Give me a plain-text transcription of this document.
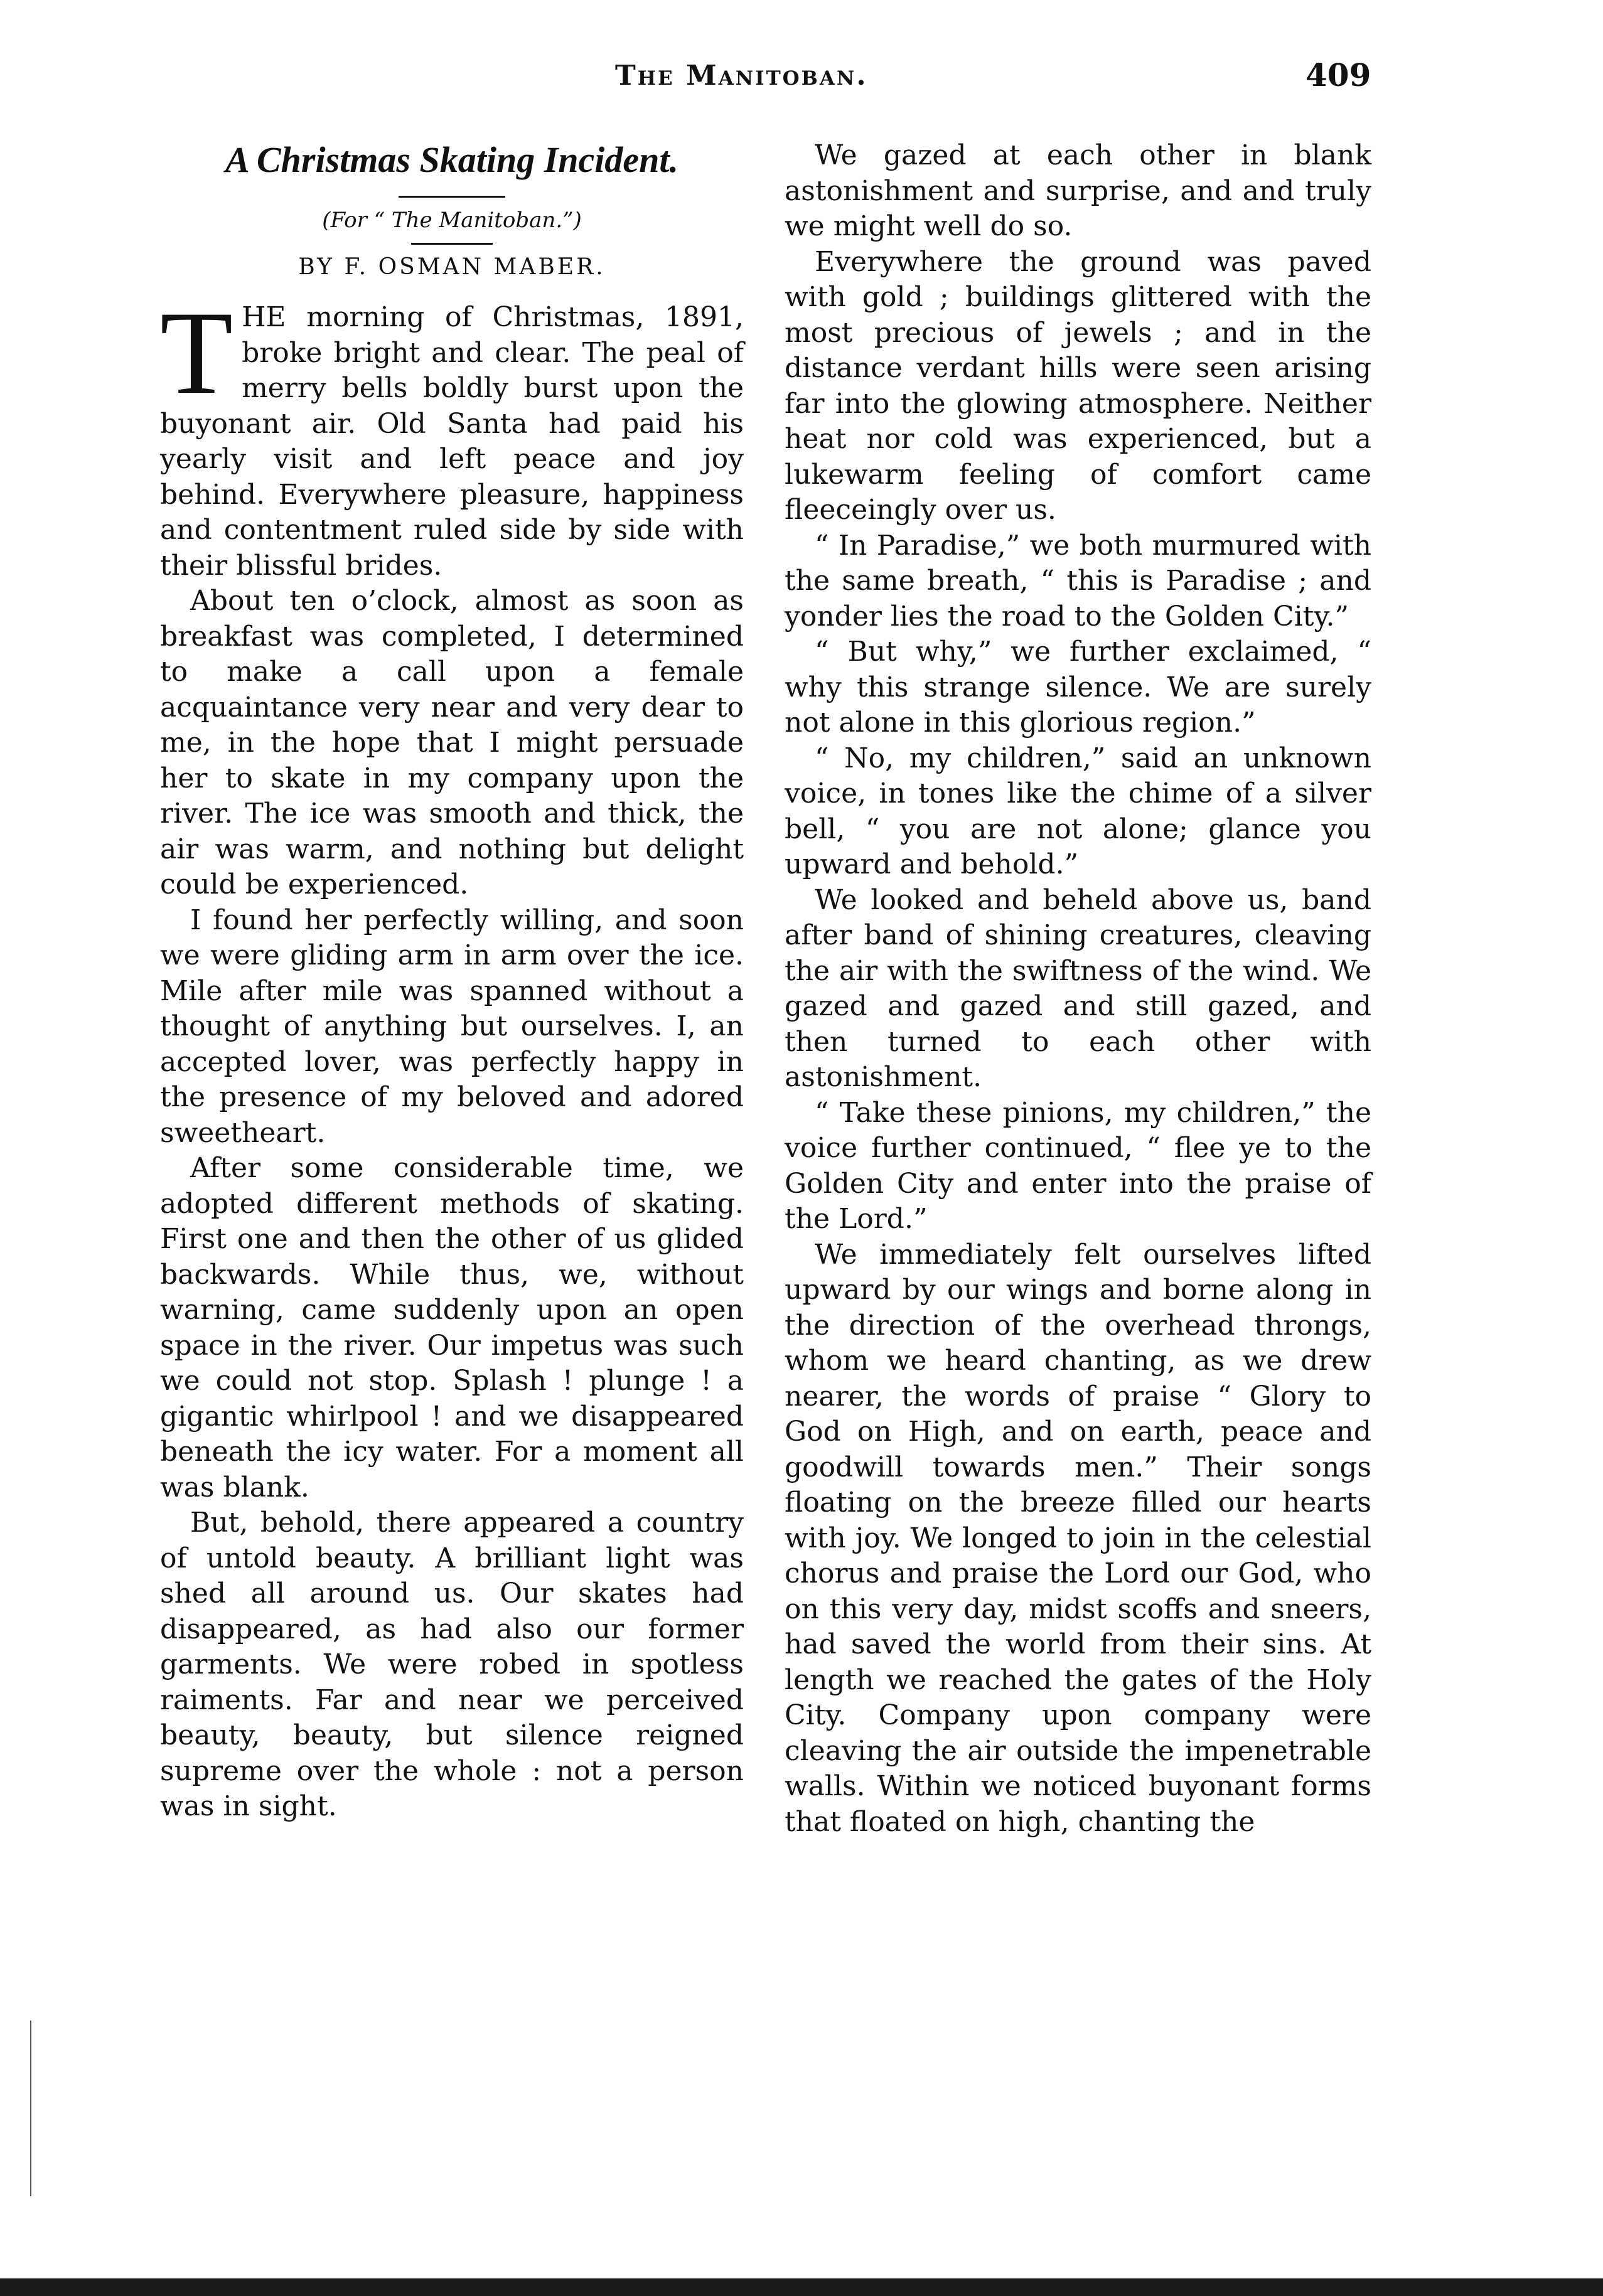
The Manitoban.	409
A Christmas Skating Incident.
(For “ The Manitoban.”)
BY F. OSMAN MABER.

THE morning of Christmas, 1891, broke bright and clear. The peal of merry bells boldly burst upon the buyonant air. Old Santa had paid his yearly visit and left peace and joy behind. Everywhere pleasure, happiness and contentment ruled side by side with their blissful brides.

About ten o’clock, almost as soon as breakfast was completed, I determined to make a call upon a female acquaintance very near and very dear to me, in the hope that I might persuade her to skate in my company upon the river. The ice was smooth and thick, the air was warm, and nothing but delight could be experienced.

I found her perfectly willing, and soon we were gliding arm in arm over the ice. Mile after mile was spanned without a thought of anything but ourselves. I, an accepted lover, was perfectly happy in the presence of my beloved and adored sweetheart.

After some considerable time, we adopted different methods of skating. First one and then the other of us glided backwards. While thus, we, without warning, came suddenly upon an open space in the river. Our impetus was such we could not stop. Splash ! plunge ! a gigantic whirlpool ! and we disappeared beneath the icy water. For a moment all was blank.

But, behold, there appeared a country of untold beauty. A brilliant light was shed all around us. Our skates had disappeared, as had also our former garments. We were robed in spotless raiments. Far and near we perceived beauty, beauty, but silence reigned supreme over the whole : not a person was in sight.

We gazed at each other in blank astonishment and surprise, and and truly we might well do so.

Everywhere the ground was paved with gold ; buildings glittered with the most precious of jewels ; and in the distance verdant hills were seen arising far into the glowing atmosphere. Neither heat nor cold was experienced, but a lukewarm feeling of comfort came fleeceingly over us.

“ In Paradise,” we both murmured with the same breath, “ this is Paradise ; and yonder lies the road to the Golden City.”

“ But why,” we further exclaimed, “ why this strange silence. We are surely not alone in this glorious region.”

“ No, my children,” said an unknown voice, in tones like the chime of a silver bell, “ you are not alone; glance you upward and behold.”

We looked and beheld above us, band after band of shining creatures, cleaving the air with the swiftness of the wind. We gazed and gazed and still gazed, and then turned to each other with astonishment.

“ Take these pinions, my children,” the voice further continued, “ flee ye to the Golden City and enter into the praise of the Lord.”

We immediately felt ourselves lifted upward by our wings and borne along in the direction of the overhead throngs, whom we heard chanting, as we drew nearer, the words of praise “ Glory to God on High, and on earth, peace and goodwill towards men.” Their songs floating on the breeze filled our hearts with joy. We longed to join in the celestial chorus and praise the Lord our God, who on this very day, midst scoffs and sneers, had saved the world from their sins. At length we reached the gates of the Holy City. Company upon company were cleaving the air outside the impenetrable walls. Within we noticed buyonant forms that floated on high, chanting the
